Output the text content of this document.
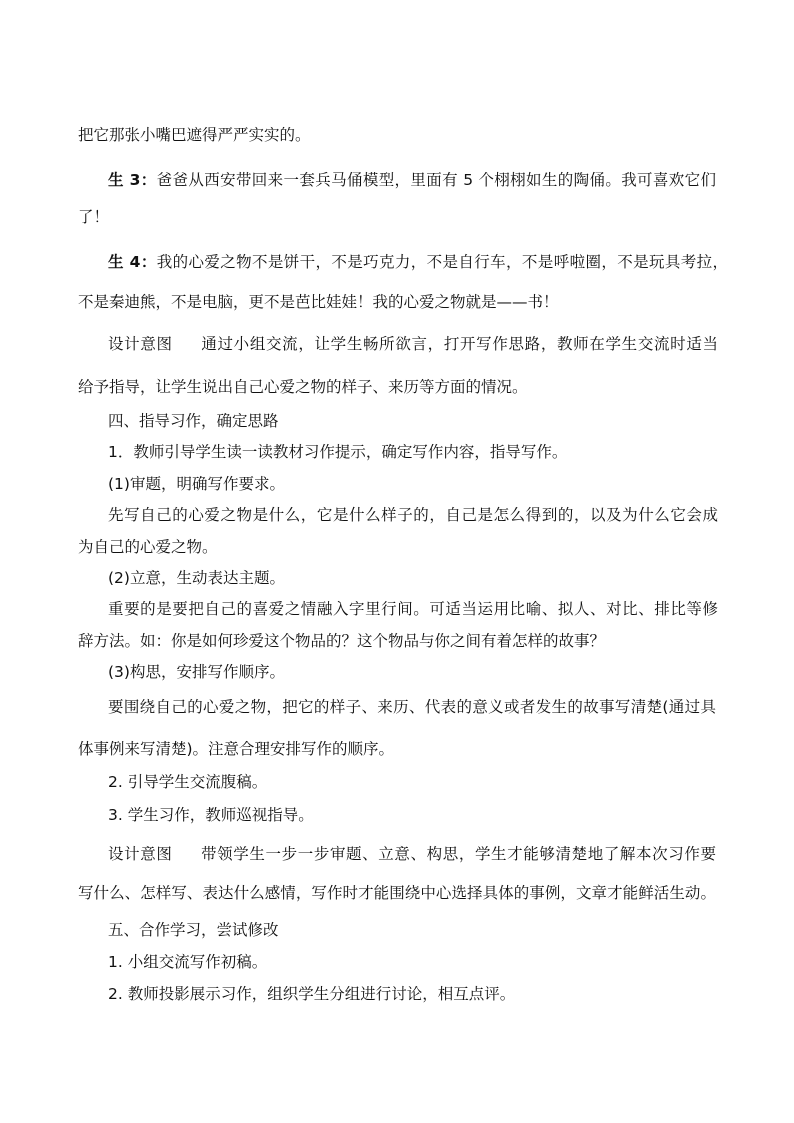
把它那张小嘴巴遮得严严实实的。
生 3：爸爸从西安带回来一套兵马俑模型，里面有 5 个栩栩如生的陶俑。我可喜欢它们
了！
生 4：我的心爱之物不是饼干，不是巧克力，不是自行车，不是呼啦圈，不是玩具考拉，
不是秦迪熊，不是电脑，更不是芭比娃娃！我的心爱之物就是——书！
设计意图 通过小组交流，让学生畅所欲言，打开写作思路，教师在学生交流时适当
给予指导，让学生说出自己心爱之物的样子、来历等方面的情况。
四、指导习作，确定思路
1．教师引导学生读一读教材习作提示，确定写作内容，指导写作。
(1)审题，明确写作要求。
先写自己的心爱之物是什么，它是什么样子的，自己是怎么得到的，以及为什么它会成
为自己的心爱之物。
(2)立意，生动表达主题。
重要的是要把自己的喜爱之情融入字里行间。可适当运用比喻、拟人、对比、排比等修
辞方法。如：你是如何珍爱这个物品的？这个物品与你之间有着怎样的故事？
(3)构思，安排写作顺序。
要围绕自己的心爱之物，把它的样子、来历、代表的意义或者发生的故事写清楚(通过具
体事例来写清楚)。注意合理安排写作的顺序。
2. 引导学生交流腹稿。
3. 学生习作，教师巡视指导。
设计意图 带领学生一步一步审题、立意、构思，学生才能够清楚地了解本次习作要
写什么、怎样写、表达什么感情，写作时才能围绕中心选择具体的事例，文章才能鲜活生动。
五、合作学习，尝试修改
1. 小组交流写作初稿。
2. 教师投影展示习作，组织学生分组进行讨论，相互点评。
